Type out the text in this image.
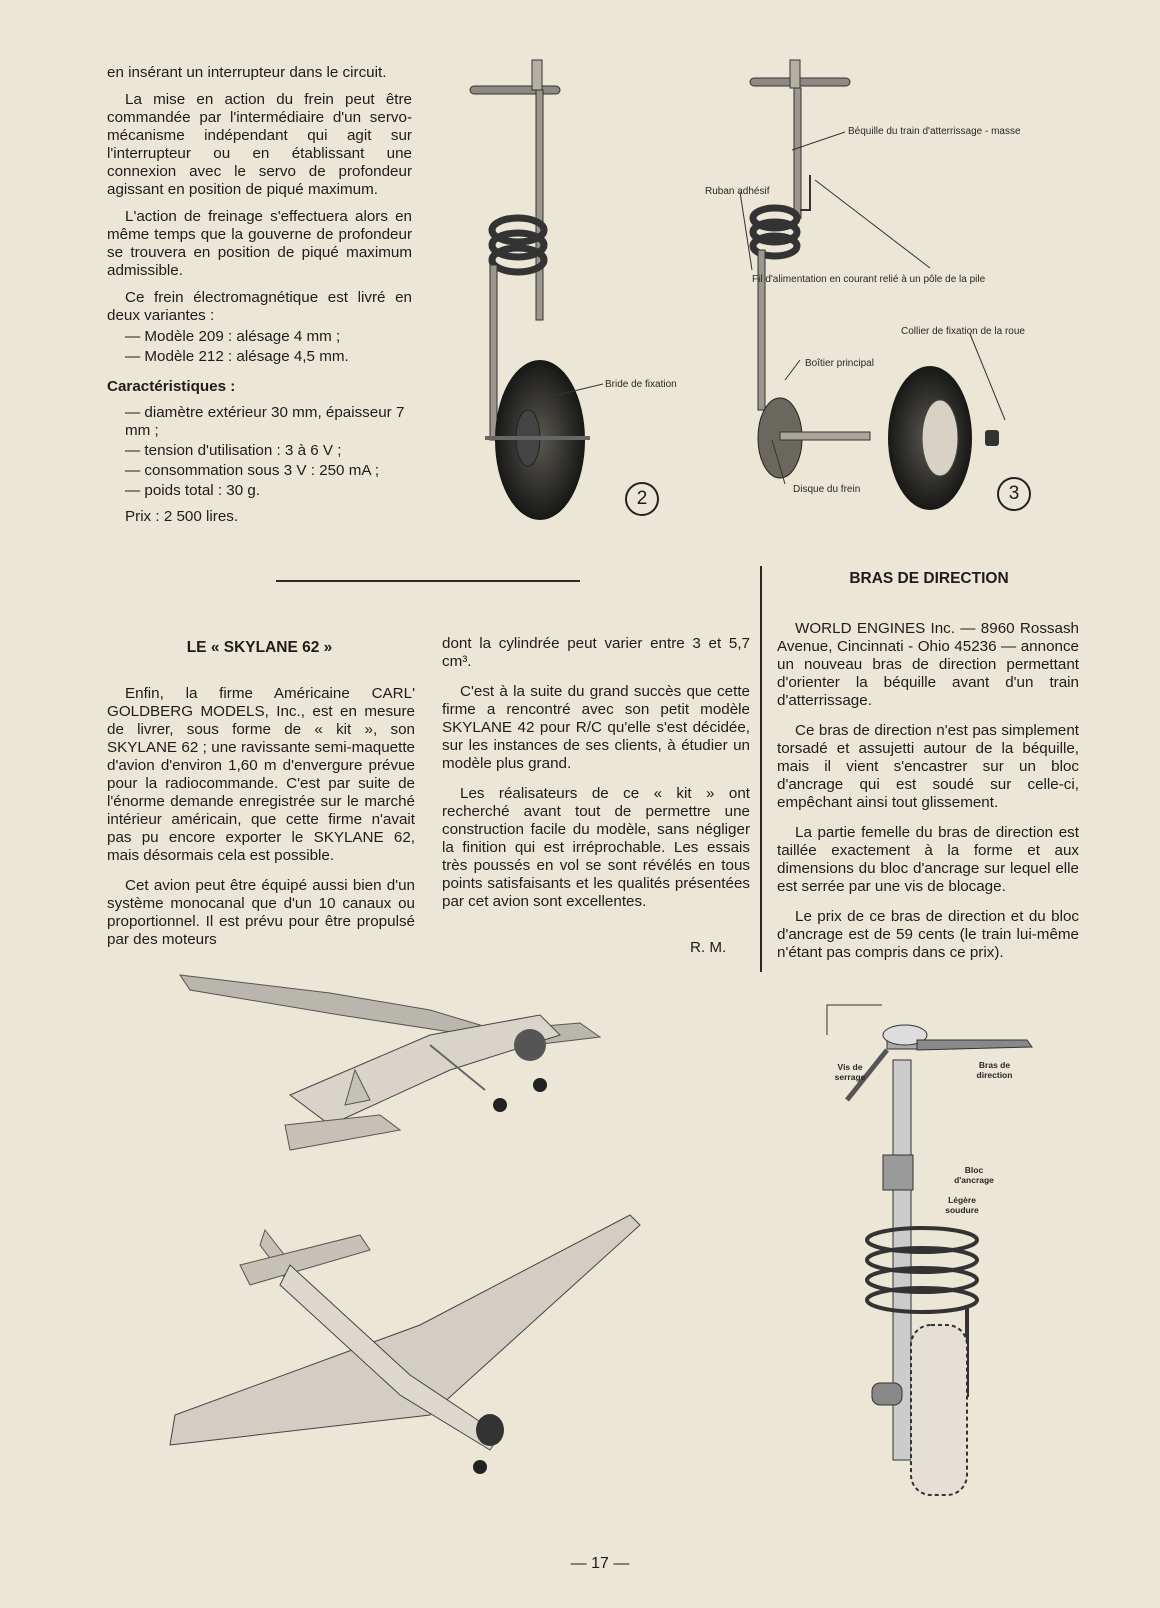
en insérant un interrupteur dans le circuit.

La mise en action du frein peut être commandée par l'intermédiaire d'un servo-mécanisme indépendant qui agit sur l'interrupteur ou en établissant une connexion avec le servo de profondeur agissant en position de piqué maximum.

L'action de freinage s'effectuera alors en même temps que la gouverne de profondeur se trouvera en position de piqué maximum admissible.

Ce frein électromagnétique est livré en deux variantes :

— Modèle 209 : alésage 4 mm ;
— Modèle 212 : alésage 4,5 mm.
Caractéristiques :
— diamètre extérieur 30 mm, épaisseur 7 mm ;
— tension d'utilisation : 3 à 6 V ;
— consommation sous 3 V : 250 mA ;
— poids total : 30 g.
Prix : 2 500 lires.
Bride de fixation
2
Béquille du train d'atterrissage - masse
Ruban adhésif
Fil d'alimentation en courant relié à un pôle de la pile
Collier de fixation de la roue
Boîtier principal
Disque du frein	3
LE « SKYLANE 62 »

Enfin, la firme Américaine CARL' GOLDBERG MODELS, Inc., est en mesure de livrer, sous forme de « kit », son SKYLANE 62 ; une ravissante semi-maquette d'avion d'environ 1,60 m d'envergure prévue pour la radiocommande. C'est par suite de l'énorme demande enregistrée sur le marché intérieur américain, que cette firme n'avait pas pu encore exporter le SKYLANE 62, mais désormais cela est possible.

Cet avion peut être équipé aussi bien d'un système monocanal que d'un 10 canaux ou proportionnel. Il est prévu pour être propulsé par des moteurs

dont la cylindrée peut varier entre 3 et 5,7 cm³.

C'est à la suite du grand succès que cette firme a rencontré avec son petit modèle SKYLANE 42 pour R/C qu'elle s'est décidée, sur les instances de ses clients, à étudier un modèle plus grand.

Les réalisateurs de ce « kit » ont recherché avant tout de permettre une construction facile du modèle, sans négliger la finition qui est irréprochable. Les essais très poussés en vol se sont révélés en tous points satisfaisants et les qualités présentées par cet avion sont excellentes.

R. M.
BRAS DE DIRECTION

WORLD ENGINES Inc. — 8960 Rossash Avenue, Cincinnati - Ohio 45236 — annonce un nouveau bras de direction permettant d'orienter la béquille avant d'un train d'atterrissage.

Ce bras de direction n'est pas simplement torsadé et assujetti autour de la béquille, mais il vient s'encastrer sur un bloc d'ancrage qui est soudé sur celle-ci, empêchant ainsi tout glissement.

La partie femelle du bras de direction est taillée exactement à la forme et aux dimensions du bloc d'ancrage sur lequel elle est serrée par une vis de blocage.

Le prix de ce bras de direction et du bloc d'ancrage est de 59 cents (le train lui-même n'étant pas compris dans ce prix).

Vis de serrage
Bras de direction
Bloc d'ancrage
Légère soudure
— 17 —
